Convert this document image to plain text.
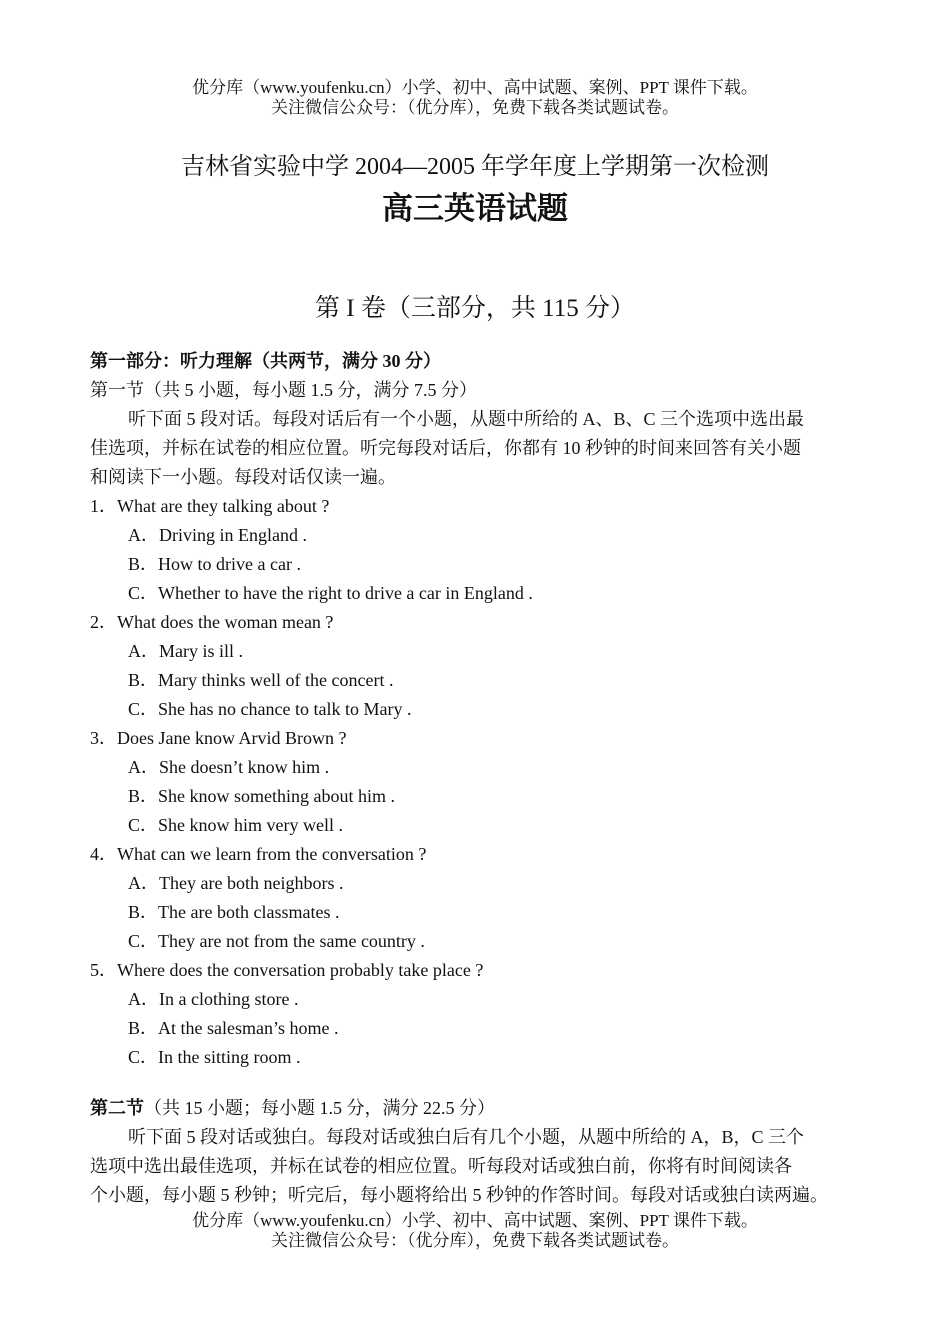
优分库（www.youfenku.cn）小学、初中、高中试题、案例、PPT 课件下载。
关注微信公众号：（优分库），免费下载各类试题试卷。
吉林省实验中学 2004—2005 年学年度上学期第一次检测
高三英语试题
第 I 卷（三部分，共 115 分）
第一部分：听力理解（共两节，满分 30 分）
第一节（共 5 小题，每小题 1.5 分，满分 7.5 分）
听下面 5 段对话。每段对话后有一个小题，从题中所给的 A、B、C 三个选项中选出最
佳选项，并标在试卷的相应位置。听完每段对话后，你都有 10 秒钟的时间来回答有关小题
和阅读下一小题。每段对话仅读一遍。
1．What are they talking about ?
A．Driving in England .
B．How to drive a car .
C．Whether to have the right to drive a car in England .
2．What does the woman mean ?
A．Mary is ill .
B．Mary thinks well of the concert .
C．She has no chance to talk to Mary .
3．Does Jane know Arvid Brown ?
A．She doesn’t know him .
B．She know something about him .
C．She know him very well .
4．What can we learn from the conversation ?
A．They are both neighbors .
B．The are both classmates .
C．They are not from the same country .
5．Where does the conversation probably take place ?
A．In a clothing store .
B．At the salesman’s home .
C．In the sitting room .
第二节（共 15 小题；每小题 1.5 分，满分 22.5 分）
听下面 5 段对话或独白。每段对话或独白后有几个小题，从题中所给的 A，B，C 三个
选项中选出最佳选项，并标在试卷的相应位置。听每段对话或独白前，你将有时间阅读各
个小题，每小题 5 秒钟；听完后，每小题将给出 5 秒钟的作答时间。每段对话或独白读两遍。
优分库（www.youfenku.cn）小学、初中、高中试题、案例、PPT 课件下载。
关注微信公众号：（优分库），免费下载各类试题试卷。
